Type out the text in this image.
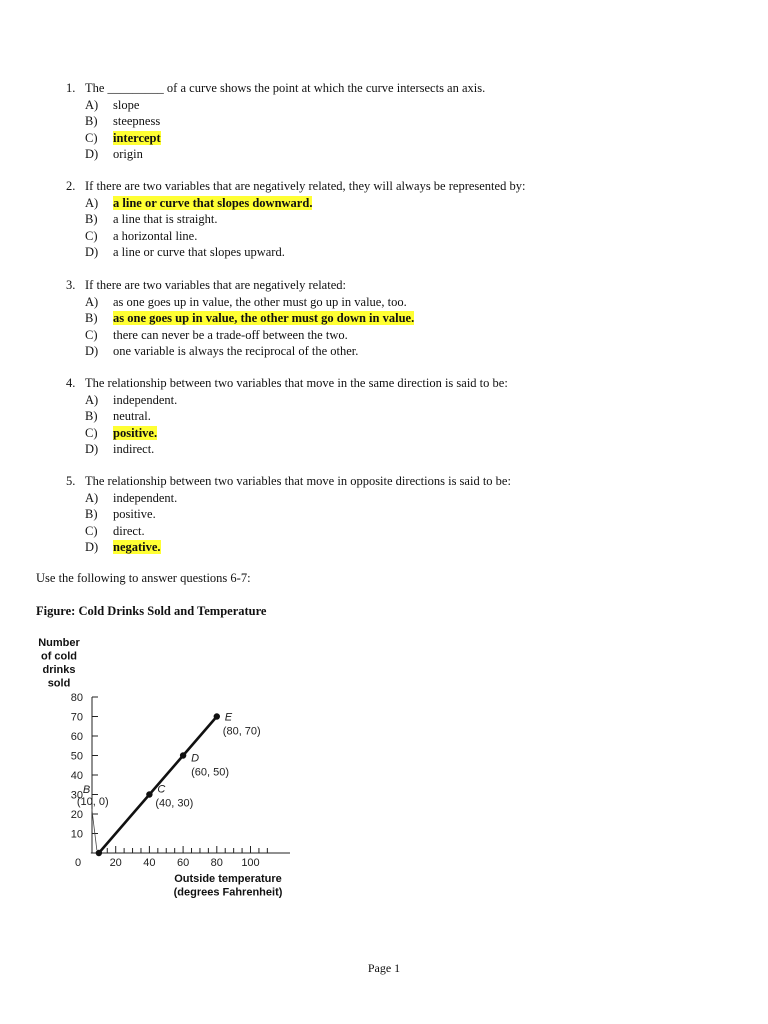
1. The _________ of a curve shows the point at which the curve intersects an axis.
A)	slope
B)	steepness
C)	intercept
D)	origin
2. If there are two variables that are negatively related, they will always be represented by:
A)	a line or curve that slopes downward.
B)	a line that is straight.
C)	a horizontal line.
D)	a line or curve that slopes upward.
3. If there are two variables that are negatively related:
A)	as one goes up in value, the other must go up in value, too.
B)	as one goes up in value, the other must go down in value.
C)	there can never be a trade-off between the two.
D)	one variable is always the reciprocal of the other.
4. The relationship between two variables that move in the same direction is said to be:
A)	independent.
B)	neutral.
C)	positive.
D)	indirect.
5. The relationship between two variables that move in opposite directions is said to be:
A)	independent.
B)	positive.
C)	direct.
D)	negative.
Use the following to answer questions 6-7:
Figure: Cold Drinks Sold and Temperature
Number
of cold
drinks
sold
10
20
30
40
50
60
70
80
20 40 60 80 100
0
Outside temperature
(degrees Fahrenheit)
B
(10, 0)
C
(40, 30)
D
(60, 50)
E
(80, 70)
Page 1
